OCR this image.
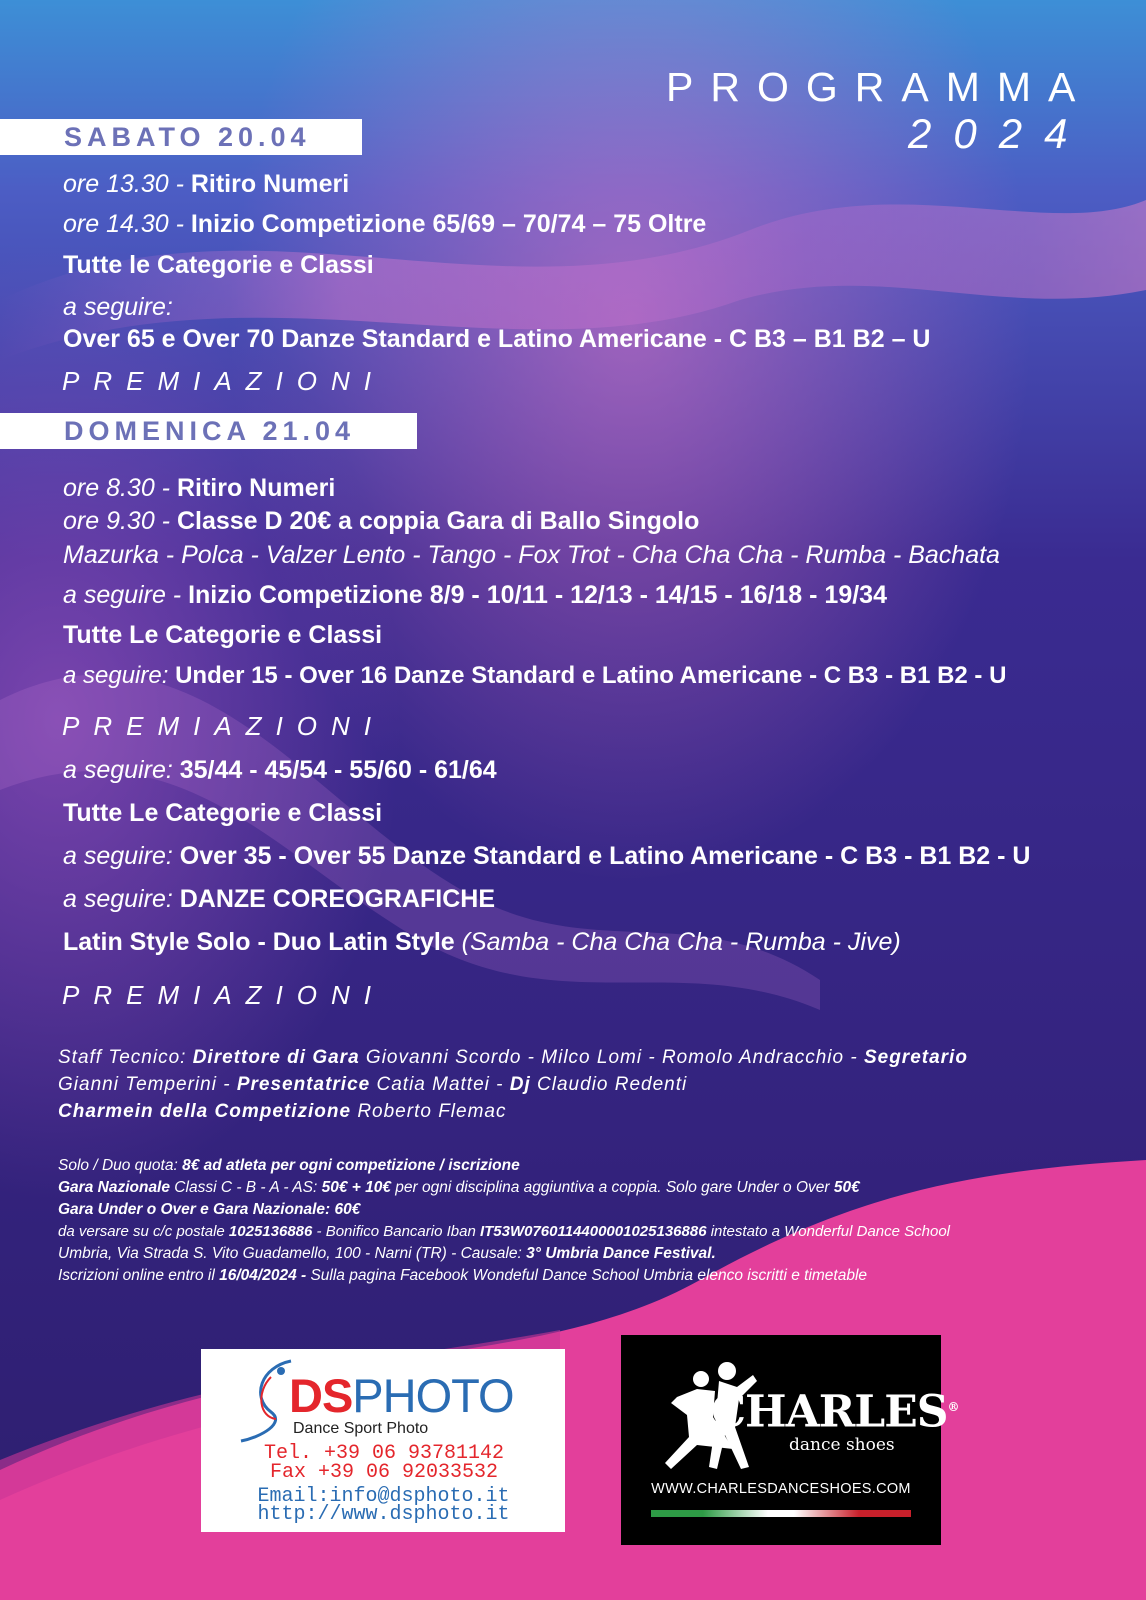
PROGRAMMA
2024
SABATO 20.04
ore 13.30 - Ritiro Numeri
ore 14.30 - Inizio Competizione 65/69 – 70/74 – 75 Oltre
Tutte le Categorie e Classi
a seguire:
Over 65 e Over 70 Danze Standard e Latino Americane - C B3 – B1 B2 – U
PREMIAZIONI
DOMENICA 21.04
ore 8.30 - Ritiro Numeri
ore 9.30 - Classe D 20€ a coppia Gara di Ballo Singolo
Mazurka - Polca - Valzer Lento - Tango - Fox Trot - Cha Cha Cha - Rumba - Bachata
a seguire - Inizio Competizione 8/9 - 10/11 - 12/13 - 14/15 - 16/18 - 19/34
Tutte Le Categorie e Classi
a seguire: Under 15 - Over 16 Danze Standard e Latino Americane - C B3 - B1 B2 - U
PREMIAZIONI
a seguire: 35/44 - 45/54 - 55/60 - 61/64
Tutte Le Categorie e Classi
a seguire: Over 35 - Over 55 Danze Standard e Latino Americane - C B3 - B1 B2 - U
a seguire: DANZE COREOGRAFICHE
Latin Style Solo - Duo Latin Style (Samba - Cha Cha Cha - Rumba - Jive)
PREMIAZIONI
Staff Tecnico: Direttore di Gara Giovanni Scordo - Milco Lomi - Romolo Andracchio - Segretario
Gianni Temperini - Presentatrice Catia Mattei - Dj Claudio Redenti
Charmein della Competizione Roberto Flemac
Solo / Duo quota: 8€ ad atleta per ogni competizione / iscrizione
Gara Nazionale Classi C - B - A - AS: 50€ + 10€ per ogni disciplina aggiuntiva a coppia. Solo gare Under o Over 50€
Gara Under o Over e Gara Nazionale: 60€
da versare su c/c postale 1025136886 - Bonifico Bancario Iban IT53W0760114400001025136886 intestato a Wonderful Dance School
Umbria, Via Strada S. Vito Guadamello, 100 - Narni (TR) - Causale: 3° Umbria Dance Festival.
Iscrizioni online entro il 16/04/2024 - Sulla pagina Facebook Wondeful Dance School Umbria elenco iscritti e timetable
DSPHOTO
Dance Sport Photo
Tel. +39 06 93781142
Fax +39 06 92033532
Email:info@dsphoto.it
http://www.dsphoto.it
CHARLES®
dance shoes
WWW.CHARLESDANCESHOES.COM
